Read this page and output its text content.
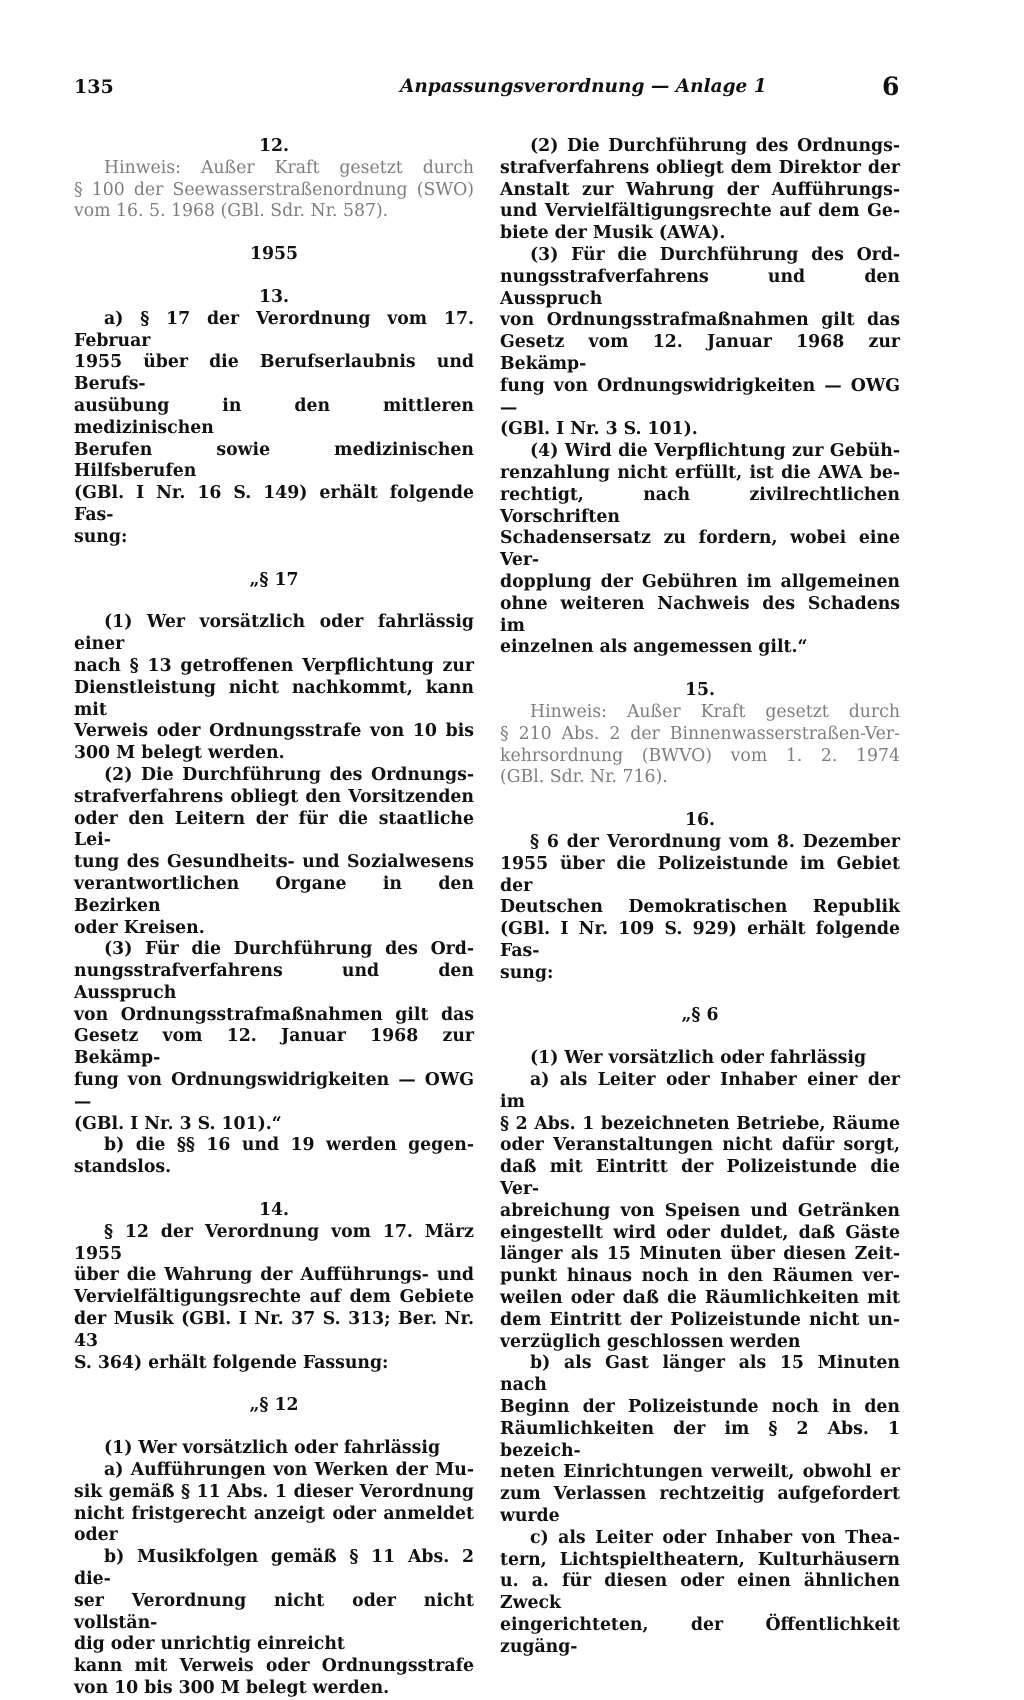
135	Anpassungsverordnung — Anlage 1	6
12.
Hinweis: Außer Kraft gesetzt durch
§ 100 der Seewasserstraßenordnung (SWO)
vom 16. 5. 1968 (GBl. Sdr. Nr. 587).
1955
13.
a) § 17 der Verordnung vom 17. Februar
1955 über die Berufserlaubnis und Berufs-
ausübung in den mittleren medizinischen
Berufen sowie medizinischen Hilfsberufen
(GBl. I Nr. 16 S. 149) erhält folgende Fas-
sung:
„§ 17
(1) Wer vorsätzlich oder fahrlässig einer
nach § 13 getroffenen Verpflichtung zur
Dienstleistung nicht nachkommt, kann mit
Verweis oder Ordnungsstrafe von 10 bis
300 M belegt werden.
(2) Die Durchführung des Ordnungs-
strafverfahrens obliegt den Vorsitzenden
oder den Leitern der für die staatliche Lei-
tung des Gesundheits- und Sozialwesens
verantwortlichen Organe in den Bezirken
oder Kreisen.
(3) Für die Durchführung des Ord-
nungsstrafverfahrens und den Ausspruch
von Ordnungsstrafmaßnahmen gilt das
Gesetz vom 12. Januar 1968 zur Bekämp-
fung von Ordnungswidrigkeiten — OWG —
(GBl. I Nr. 3 S. 101).“
b) die §§ 16 und 19 werden gegen-
standslos.
14.
§ 12 der Verordnung vom 17. März 1955
über die Wahrung der Aufführungs- und
Vervielfältigungsrechte auf dem Gebiete
der Musik (GBl. I Nr. 37 S. 313; Ber. Nr. 43
S. 364) erhält folgende Fassung:
„§ 12
(1) Wer vorsätzlich oder fahrlässig
a) Aufführungen von Werken der Mu-
sik gemäß § 11 Abs. 1 dieser Verordnung
nicht fristgerecht anzeigt oder anmeldet
oder
b) Musikfolgen gemäß § 11 Abs. 2 die-
ser Verordnung nicht oder nicht vollstän-
dig oder unrichtig einreicht
kann mit Verweis oder Ordnungsstrafe
von 10 bis 300 M belegt werden.
(2) Die Durchführung des Ordnungs-
strafverfahrens obliegt dem Direktor der
Anstalt zur Wahrung der Aufführungs-
und Vervielfältigungsrechte auf dem Ge-
biete der Musik (AWA).
(3) Für die Durchführung des Ord-
nungsstrafverfahrens und den Ausspruch
von Ordnungsstrafmaßnahmen gilt das
Gesetz vom 12. Januar 1968 zur Bekämp-
fung von Ordnungswidrigkeiten — OWG —
(GBl. I Nr. 3 S. 101).
(4) Wird die Verpflichtung zur Gebüh-
renzahlung nicht erfüllt, ist die AWA be-
rechtigt, nach zivilrechtlichen Vorschriften
Schadensersatz zu fordern, wobei eine Ver-
dopplung der Gebühren im allgemeinen
ohne weiteren Nachweis des Schadens im
einzelnen als angemessen gilt.“
15.
Hinweis: Außer Kraft gesetzt durch
§ 210 Abs. 2 der Binnenwasserstraßen-Ver-
kehrsordnung (BWVO) vom 1. 2. 1974
(GBl. Sdr. Nr. 716).
16.
§ 6 der Verordnung vom 8. Dezember
1955 über die Polizeistunde im Gebiet der
Deutschen Demokratischen Republik
(GBl. I Nr. 109 S. 929) erhält folgende Fas-
sung:
„§ 6
(1) Wer vorsätzlich oder fahrlässig
a) als Leiter oder Inhaber einer der im
§ 2 Abs. 1 bezeichneten Betriebe, Räume
oder Veranstaltungen nicht dafür sorgt,
daß mit Eintritt der Polizeistunde die Ver-
abreichung von Speisen und Getränken
eingestellt wird oder duldet, daß Gäste
länger als 15 Minuten über diesen Zeit-
punkt hinaus noch in den Räumen ver-
weilen oder daß die Räumlichkeiten mit
dem Eintritt der Polizeistunde nicht un-
verzüglich geschlossen werden
b) als Gast länger als 15 Minuten nach
Beginn der Polizeistunde noch in den
Räumlichkeiten der im § 2 Abs. 1 bezeich-
neten Einrichtungen verweilt, obwohl er
zum Verlassen rechtzeitig aufgefordert
wurde
c) als Leiter oder Inhaber von Thea-
tern, Lichtspieltheatern, Kulturhäusern
u. a. für diesen oder einen ähnlichen Zweck
eingerichteten, der Öffentlichkeit zugäng-
